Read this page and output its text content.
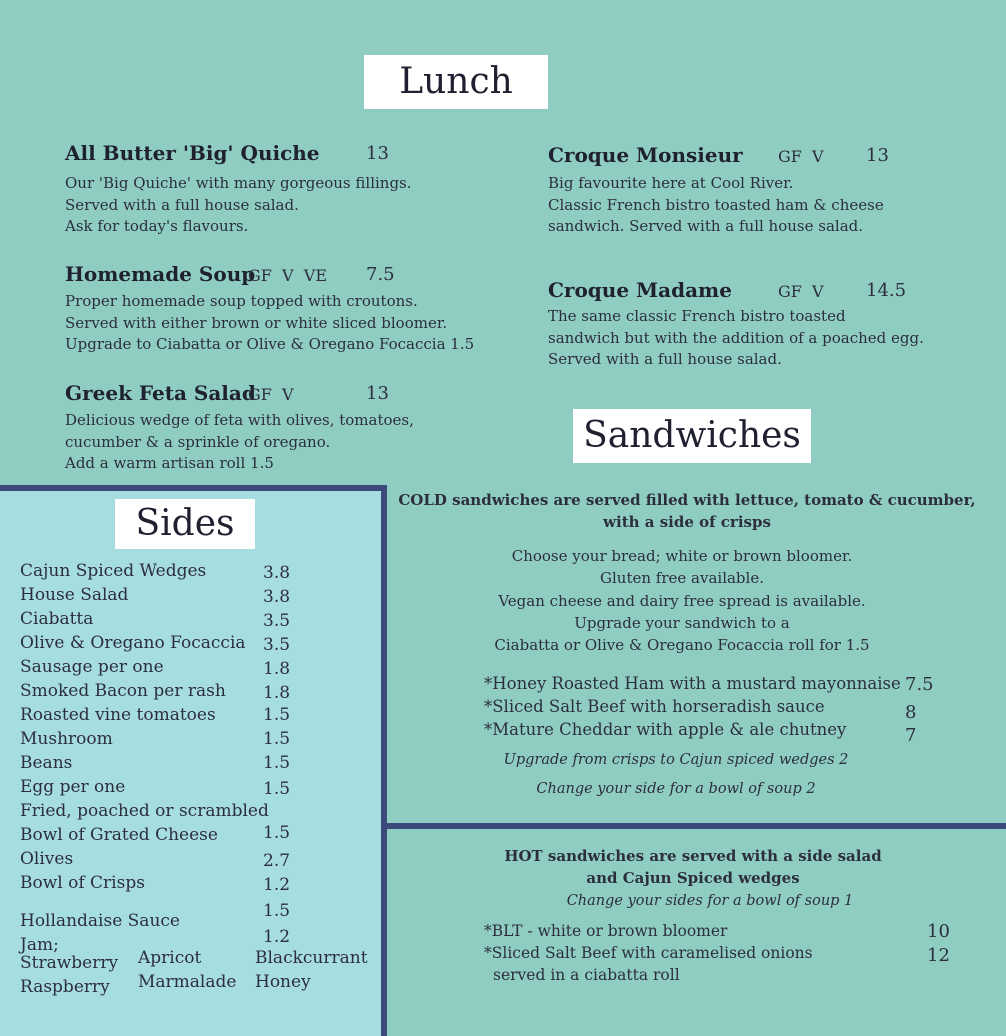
Lunch
All Butter 'Big' Quiche	13
Our 'Big Quiche' with many gorgeous fillings.
Served with a full house salad.
Ask for today's flavours.
Homemade Soup
GF  V  VE 7.5
Proper homemade soup topped with croutons.
Served with either brown or white sliced bloomer.
Upgrade to Ciabatta or Olive & Oregano Focaccia 1.5
Greek Feta Salad
GF  V	13
Delicious wedge of feta with olives, tomatoes,
cucumber & a sprinkle of oregano.
Add a warm artisan roll 1.5
Croque Monsieur GF  V 13
Big favourite here at Cool River.
Classic French bistro toasted ham & cheese
sandwich. Served with a full house salad.
Croque Madame	GF  V 14.5
The same classic French bistro toasted
sandwich but with the addition of a poached egg.
Served with a full house salad.
Sandwiches
Sides
Cajun Spiced Wedges	3.8
House Salad	3.8
Ciabatta	3.5
Olive & Oregano Focaccia 3.5
Sausage per one	1.8
Smoked Bacon per rash 1.8
Roasted vine tomatoes	1.5
Mushroom	1.5
Beans	1.5
Egg per one	1.5
Fried, poached or scrambled
Bowl of Grated Cheese	1.5
Olives	2.7
Bowl of Crisps	1.2
Hollandaise Sauce	1.5
Jam;	1.2
Strawberry
Raspberry
Apricot
Marmalade
Blackcurrant
Honey
COLD sandwiches are served filled with lettuce, tomato & cucumber,
with a side of crisps
Choose your bread; white or brown bloomer.
Gluten free available.
Vegan cheese and dairy free spread is available.
Upgrade your sandwich to a
Ciabatta or Olive & Oregano Focaccia roll for 1.5
*Honey Roasted Ham with a mustard mayonnaise 7.5
*Sliced Salt Beef with horseradish sauce	8
*Mature Cheddar with apple & ale chutney	7
Upgrade from crisps to Cajun spiced wedges 2
Change your side for a bowl of soup 2
HOT sandwiches are served with a side salad
and Cajun Spiced wedges
Change your sides for a bowl of soup 1
*BLT - white or brown bloomer	10
*Sliced Salt Beef with caramelised onions	12
served in a ciabatta roll
